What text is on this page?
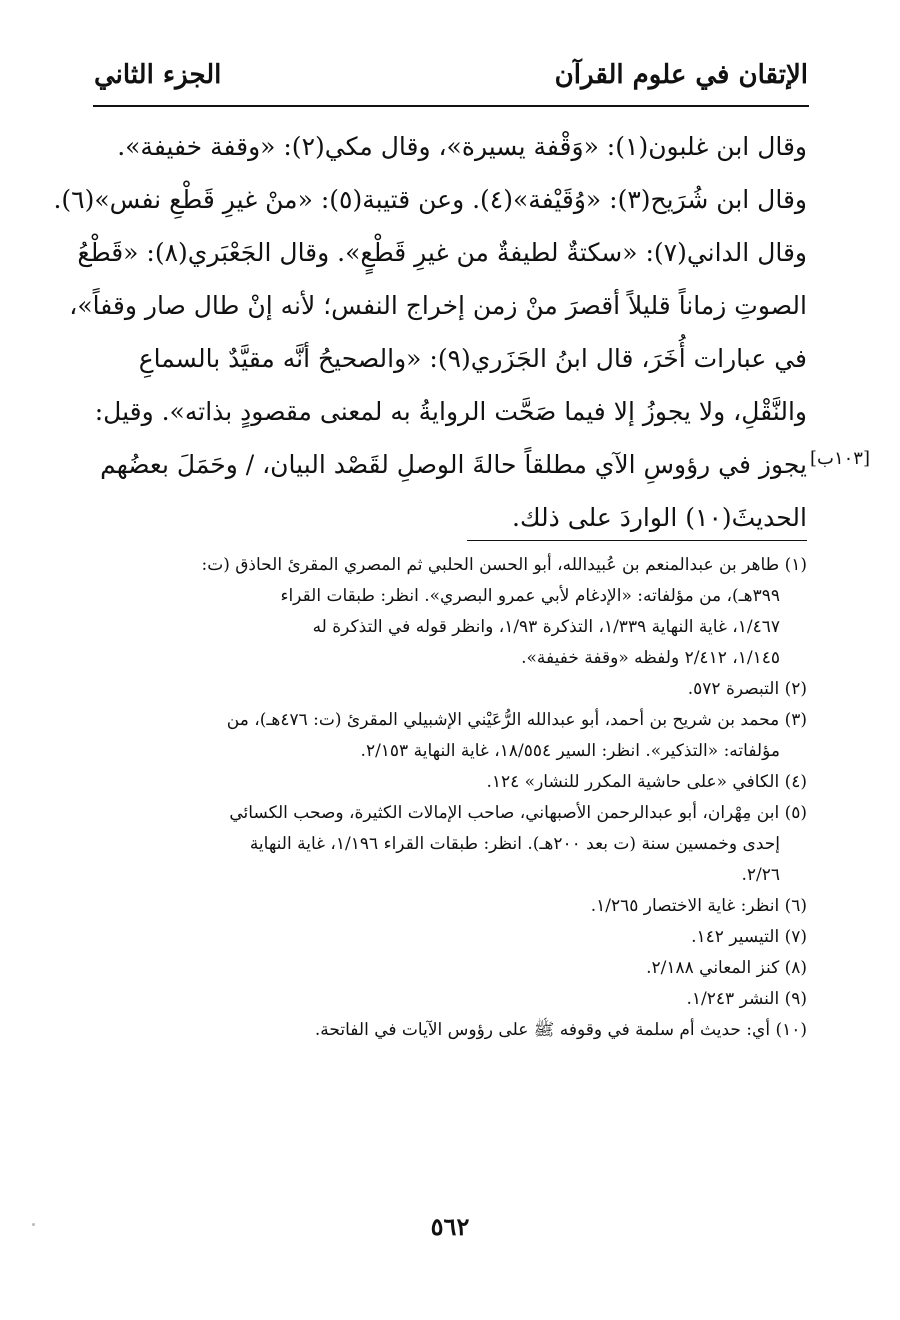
الإتقان في علوم القرآن
الجزء الثاني
وقال ابن غلبون(١): «وَقْفة يسيرة»، وقال مكي(٢): «وقفة خفيفة».
وقال ابن شُرَيح(٣): «وُقَيْفة»(٤). وعن قتيبة(٥): «منْ غيرِ قَطْعِ نفس»(٦).
وقال الداني(٧): «سكتةٌ لطيفةٌ من غيرِ قَطْعٍ». وقال الجَعْبَري(٨): «قَطْعُ
الصوتِ زماناً قليلاً أقصرَ منْ زمن إخراج النفس؛ لأنه إنْ طال صار وقفاً»،
في عبارات أُخَرَ، قال ابنُ الجَزَري(٩): «والصحيحُ أنَّه مقيَّدٌ بالسماعِ
والنَّقْلِ، ولا يجوزُ إلا فيما صَحَّت الروايةُ به لمعنى مقصودٍ بذاته». وقيل:
يجوز في رؤوسِ الآي مطلقاً حالةَ الوصلِ لقَصْد البيان، / وحَمَلَ بعضُهم
الحديثَ(١٠) الواردَ على ذلك.
[١٠٣ب]
(١) طاهر بن عبدالمنعم بن عُبيدالله، أبو الحسن الحلبي ثم المصري المقرئ الحاذق (ت:
٣٩٩هـ)، من مؤلفاته: «الإدغام لأبي عمرو البصري». انظر: طبقات القراء
١/٤٦٧، غاية النهاية ١/٣٣٩، التذكرة ١/٩٣، وانظر قوله في التذكرة له
١/١٤٥، ٢/٤١٢ ولفظه «وقفة خفيفة».
(٢) التبصرة ٥٧٢.
(٣) محمد بن شريح بن أحمد، أبو عبدالله الرُّعَيْني الإشبيلي المقرئ (ت: ٤٧٦هـ)، من
مؤلفاته: «التذكير». انظر: السير ١٨/٥٥٤، غاية النهاية ٢/١٥٣.
(٤) الكافي «على حاشية المكرر للنشار» ١٢٤.
(٥) ابن مِهْران، أبو عبدالرحمن الأصبهاني، صاحب الإمالات الكثيرة، وصحب الكسائي
إحدى وخمسين سنة (ت بعد ٢٠٠هـ). انظر: طبقات القراء ١/١٩٦، غاية النهاية
٢/٢٦.
(٦) انظر: غاية الاختصار ١/٢٦٥.
(٧) التيسير ١٤٢.
(٨) كنز المعاني ٢/١٨٨.
(٩) النشر ١/٢٤٣.
(١٠) أي: حديث أم سلمة في وقوفه ﷺ على رؤوس الآيات في الفاتحة.
٥٦٢
